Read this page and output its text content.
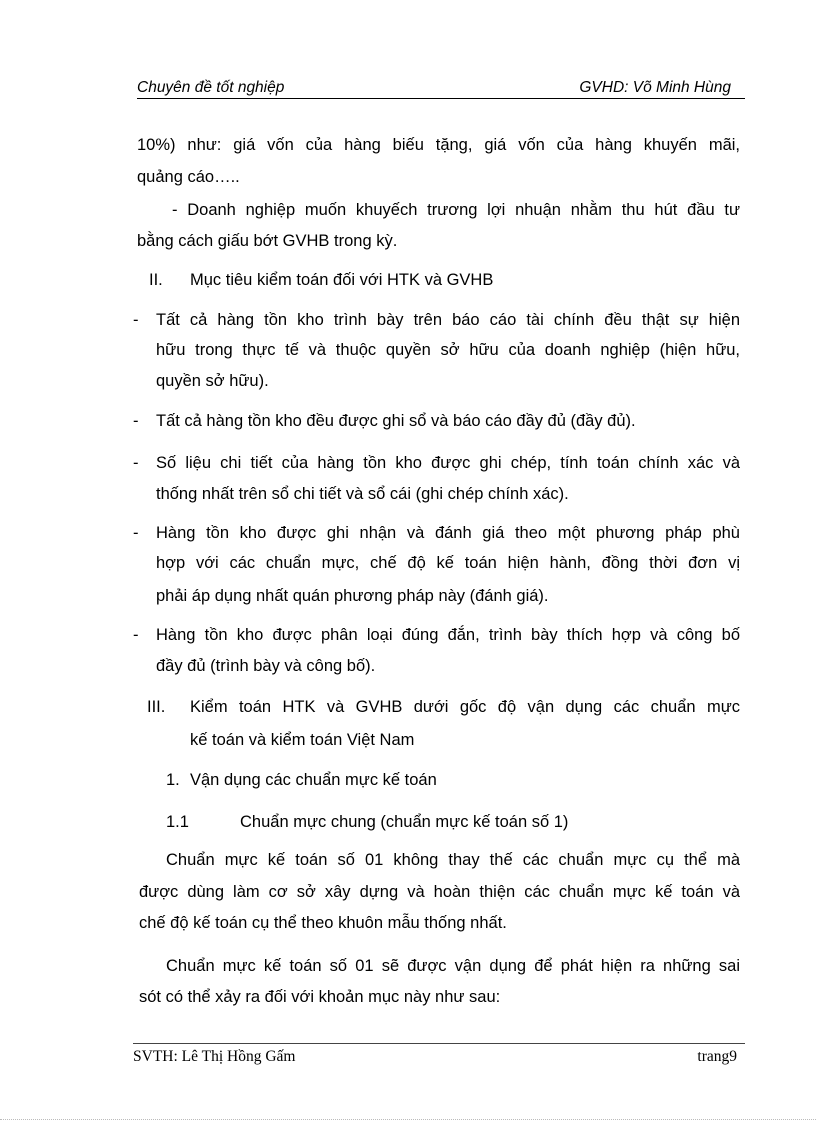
Chuyên đề tốt nghiệp	GVHD: Võ Minh Hùng
10%) như: giá vốn của hàng biếu tặng, giá vốn của hàng khuyến mãi,
quảng cáo…..
- Doanh nghiệp muốn khuyếch trương lợi nhuận nhằm thu hút đầu tư
bằng cách giấu bớt GVHB trong kỳ.
II. Mục tiêu kiểm toán đối với HTK và GVHB
- Tất cả hàng tồn kho trình bày trên báo cáo tài chính đều thật sự hiện
hữu trong thực tế và thuộc quyền sở hữu của doanh nghiệp (hiện hữu,
quyền sở hữu).
- Tất cả hàng tồn kho đều được ghi sổ và báo cáo đầy đủ (đầy đủ).
- Số liệu chi tiết của hàng tồn kho được ghi chép, tính toán chính xác và
thống nhất trên sổ chi tiết và sổ cái (ghi chép chính xác).
- Hàng tồn kho được ghi nhận và đánh giá theo một phương pháp phù
hợp với các chuẩn mực, chế độ kế toán hiện hành, đồng thời đơn vị
phải áp dụng nhất quán phương pháp này (đánh giá).
- Hàng tồn kho được phân loại đúng đắn, trình bày thích hợp và công bố
đầy đủ (trình bày và công bố).
III. Kiểm toán HTK và GVHB dưới gốc độ vận dụng các chuẩn mực
kế toán và kiểm toán Việt Nam
1. Vận dụng các chuẩn mực kế toán
1.1	Chuẩn mực chung (chuẩn mực kế toán số 1)
Chuẩn mực kế toán số 01 không thay thế các chuẩn mực cụ thể mà
được dùng làm cơ sở xây dựng và hoàn thiện các chuẩn mực kế toán và
chế độ kế toán cụ thể theo khuôn mẫu thống nhất.
Chuẩn mực kế toán số 01 sẽ được vận dụng để phát hiện ra những sai
sót có thể xảy ra đối với khoản mục này như sau:
SVTH: Lê Thị Hồng Gấm	trang9
